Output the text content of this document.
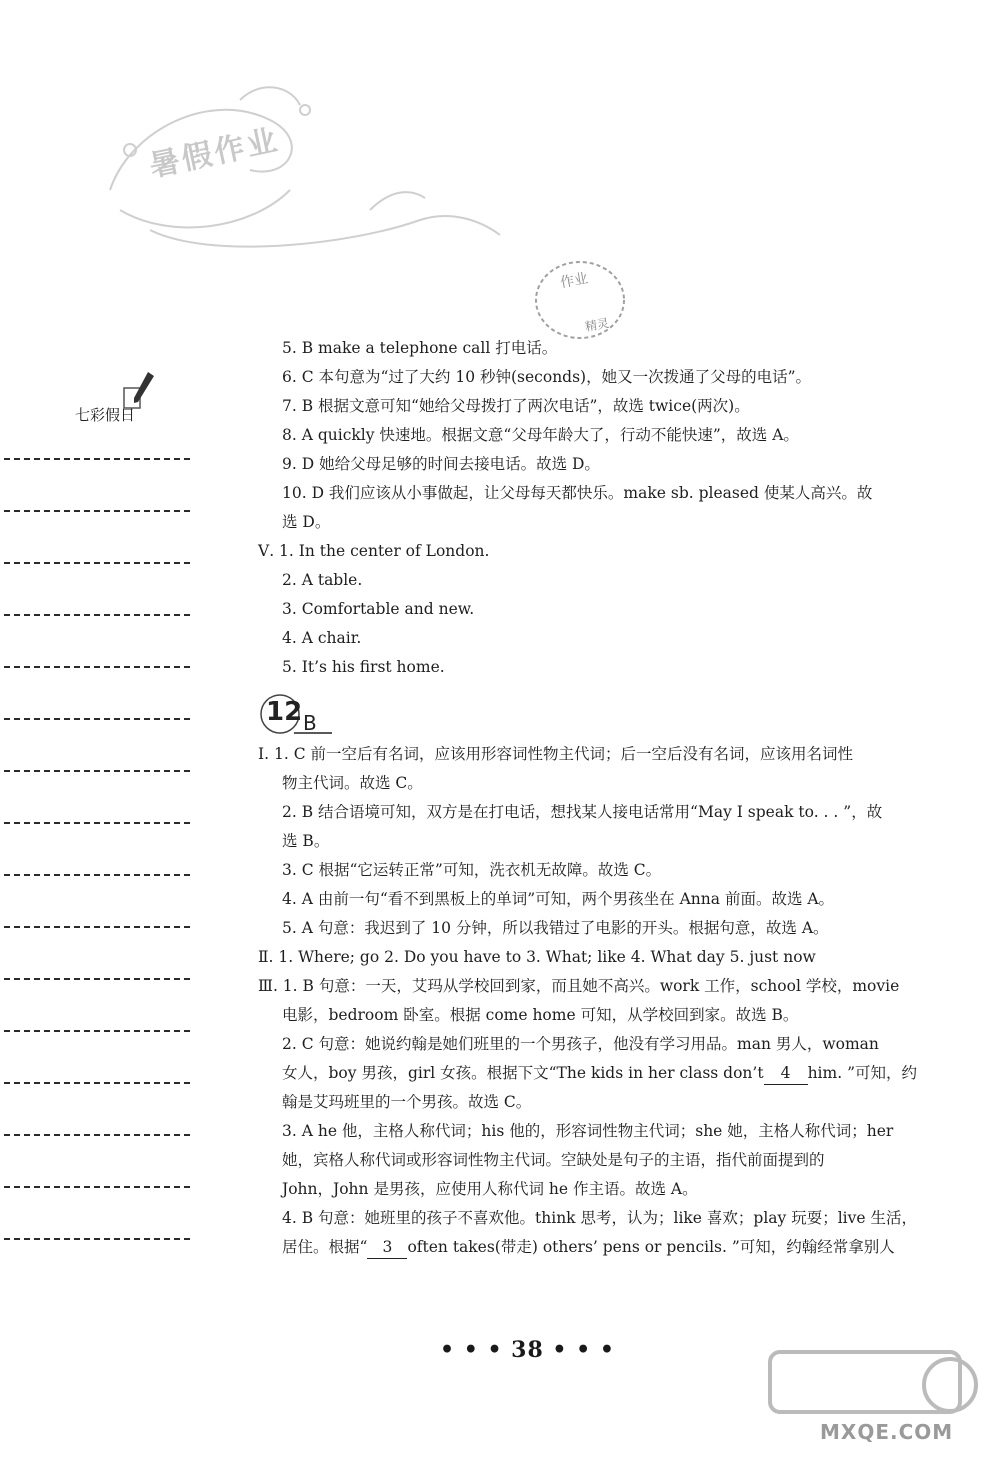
暑假作业
作业
精灵
七彩假日
5. B make a telephone call 打电话。
6. C 本句意为“过了大约 10 秒钟(seconds)，她又一次拨通了父母的电话”。
7. B 根据文意可知“她给父母拨打了两次电话”，故选 twice(两次)。
8. A quickly 快速地。根据文意“父母年龄大了，行动不能快速”，故选 A。
9. D 她给父母足够的时间去接电话。故选 D。
10. D 我们应该从小事做起，让父母每天都快乐。make sb. pleased 使某人高兴。故
选 D。
Ⅴ. 1. In the center of London.
2. A table.
3. Comfortable and new.
4. A chair.
5. It’s his first home.
12 B
Ⅰ. 1. C 前一空后有名词，应该用形容词性物主代词；后一空后没有名词，应该用名词性
物主代词。故选 C。
2. B 结合语境可知，双方是在打电话，想找某人接电话常用“May I speak to. . . ”，故
选 B。
3. C 根据“它运转正常”可知，洗衣机无故障。故选 C。
4. A 由前一句“看不到黑板上的单词”可知，两个男孩坐在 Anna 前面。故选 A。
5. A 句意：我迟到了 10 分钟，所以我错过了电影的开头。根据句意，故选 A。
Ⅱ. 1. Where; go 2. Do you have to 3. What; like 4. What day 5. just now
Ⅲ. 1. B 句意：一天，艾玛从学校回到家，而且她不高兴。work 工作，school 学校，movie
电影，bedroom 卧室。根据 come home 可知，从学校回到家。故选 B。
2. C 句意：她说约翰是她们班里的一个男孩子，他没有学习用品。man 男人，woman
女人，boy 男孩，girl 女孩。根据下文“The kids in her class don’t 4 him. ”可知，约
翰是艾玛班里的一个男孩。故选 C。
3. A he 他，主格人称代词；his 他的，形容词性物主代词；she 她，主格人称代词；her
她，宾格人称代词或形容词性物主代词。空缺处是句子的主语，指代前面提到的
John，John 是男孩，应使用人称代词 he 作主语。故选 A。
4. B 句意：她班里的孩子不喜欢他。think 思考，认为；like 喜欢；play 玩耍；live 生活，
居住。根据“ 3 often takes(带走) others’ pens or pencils. ”可知，约翰经常拿别人
• • • 38 • • •
MXQE.COM
